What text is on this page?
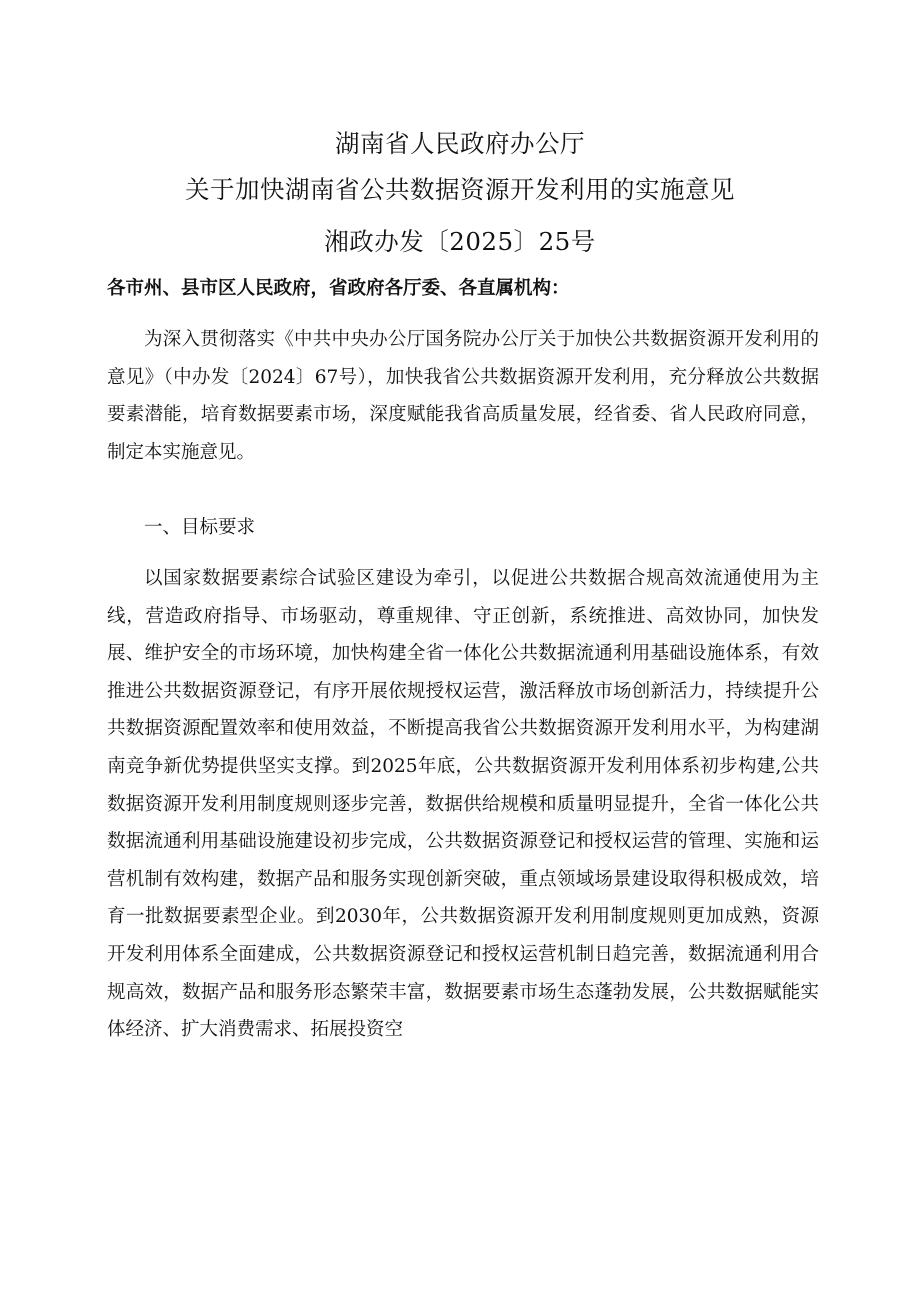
湖南省人民政府办公厅
关于加快湖南省公共数据资源开发利用的实施意见
湘政办发〔2025〕25号
各市州、县市区人民政府，省政府各厅委、各直属机构：
为深入贯彻落实《中共中央办公厅国务院办公厅关于加快公共数据资源开发利用的意见》（中办发〔2024〕67号），加快我省公共数据资源开发利用，充分释放公共数据要素潜能，培育数据要素市场，深度赋能我省高质量发展，经省委、省人民政府同意，制定本实施意见。
一、目标要求
以国家数据要素综合试验区建设为牵引，以促进公共数据合规高效流通使用为主线，营造政府指导、市场驱动，尊重规律、守正创新，系统推进、高效协同，加快发展、维护安全的市场环境，加快构建全省一体化公共数据流通利用基础设施体系，有效推进公共数据资源登记，有序开展依规授权运营，激活释放市场创新活力，持续提升公共数据资源配置效率和使用效益，不断提高我省公共数据资源开发利用水平，为构建湖南竞争新优势提供坚实支撑。到2025年底，公共数据资源开发利用体系初步构建,公共数据资源开发利用制度规则逐步完善，数据供给规模和质量明显提升，全省一体化公共数据流通利用基础设施建设初步完成，公共数据资源登记和授权运营的管理、实施和运营机制有效构建，数据产品和服务实现创新突破，重点领域场景建设取得积极成效，培育一批数据要素型企业。到2030年，公共数据资源开发利用制度规则更加成熟，资源开发利用体系全面建成，公共数据资源登记和授权运营机制日趋完善，数据流通利用合规高效，数据产品和服务形态繁荣丰富，数据要素市场生态蓬勃发展，公共数据赋能实体经济、扩大消费需求、拓展投资空
